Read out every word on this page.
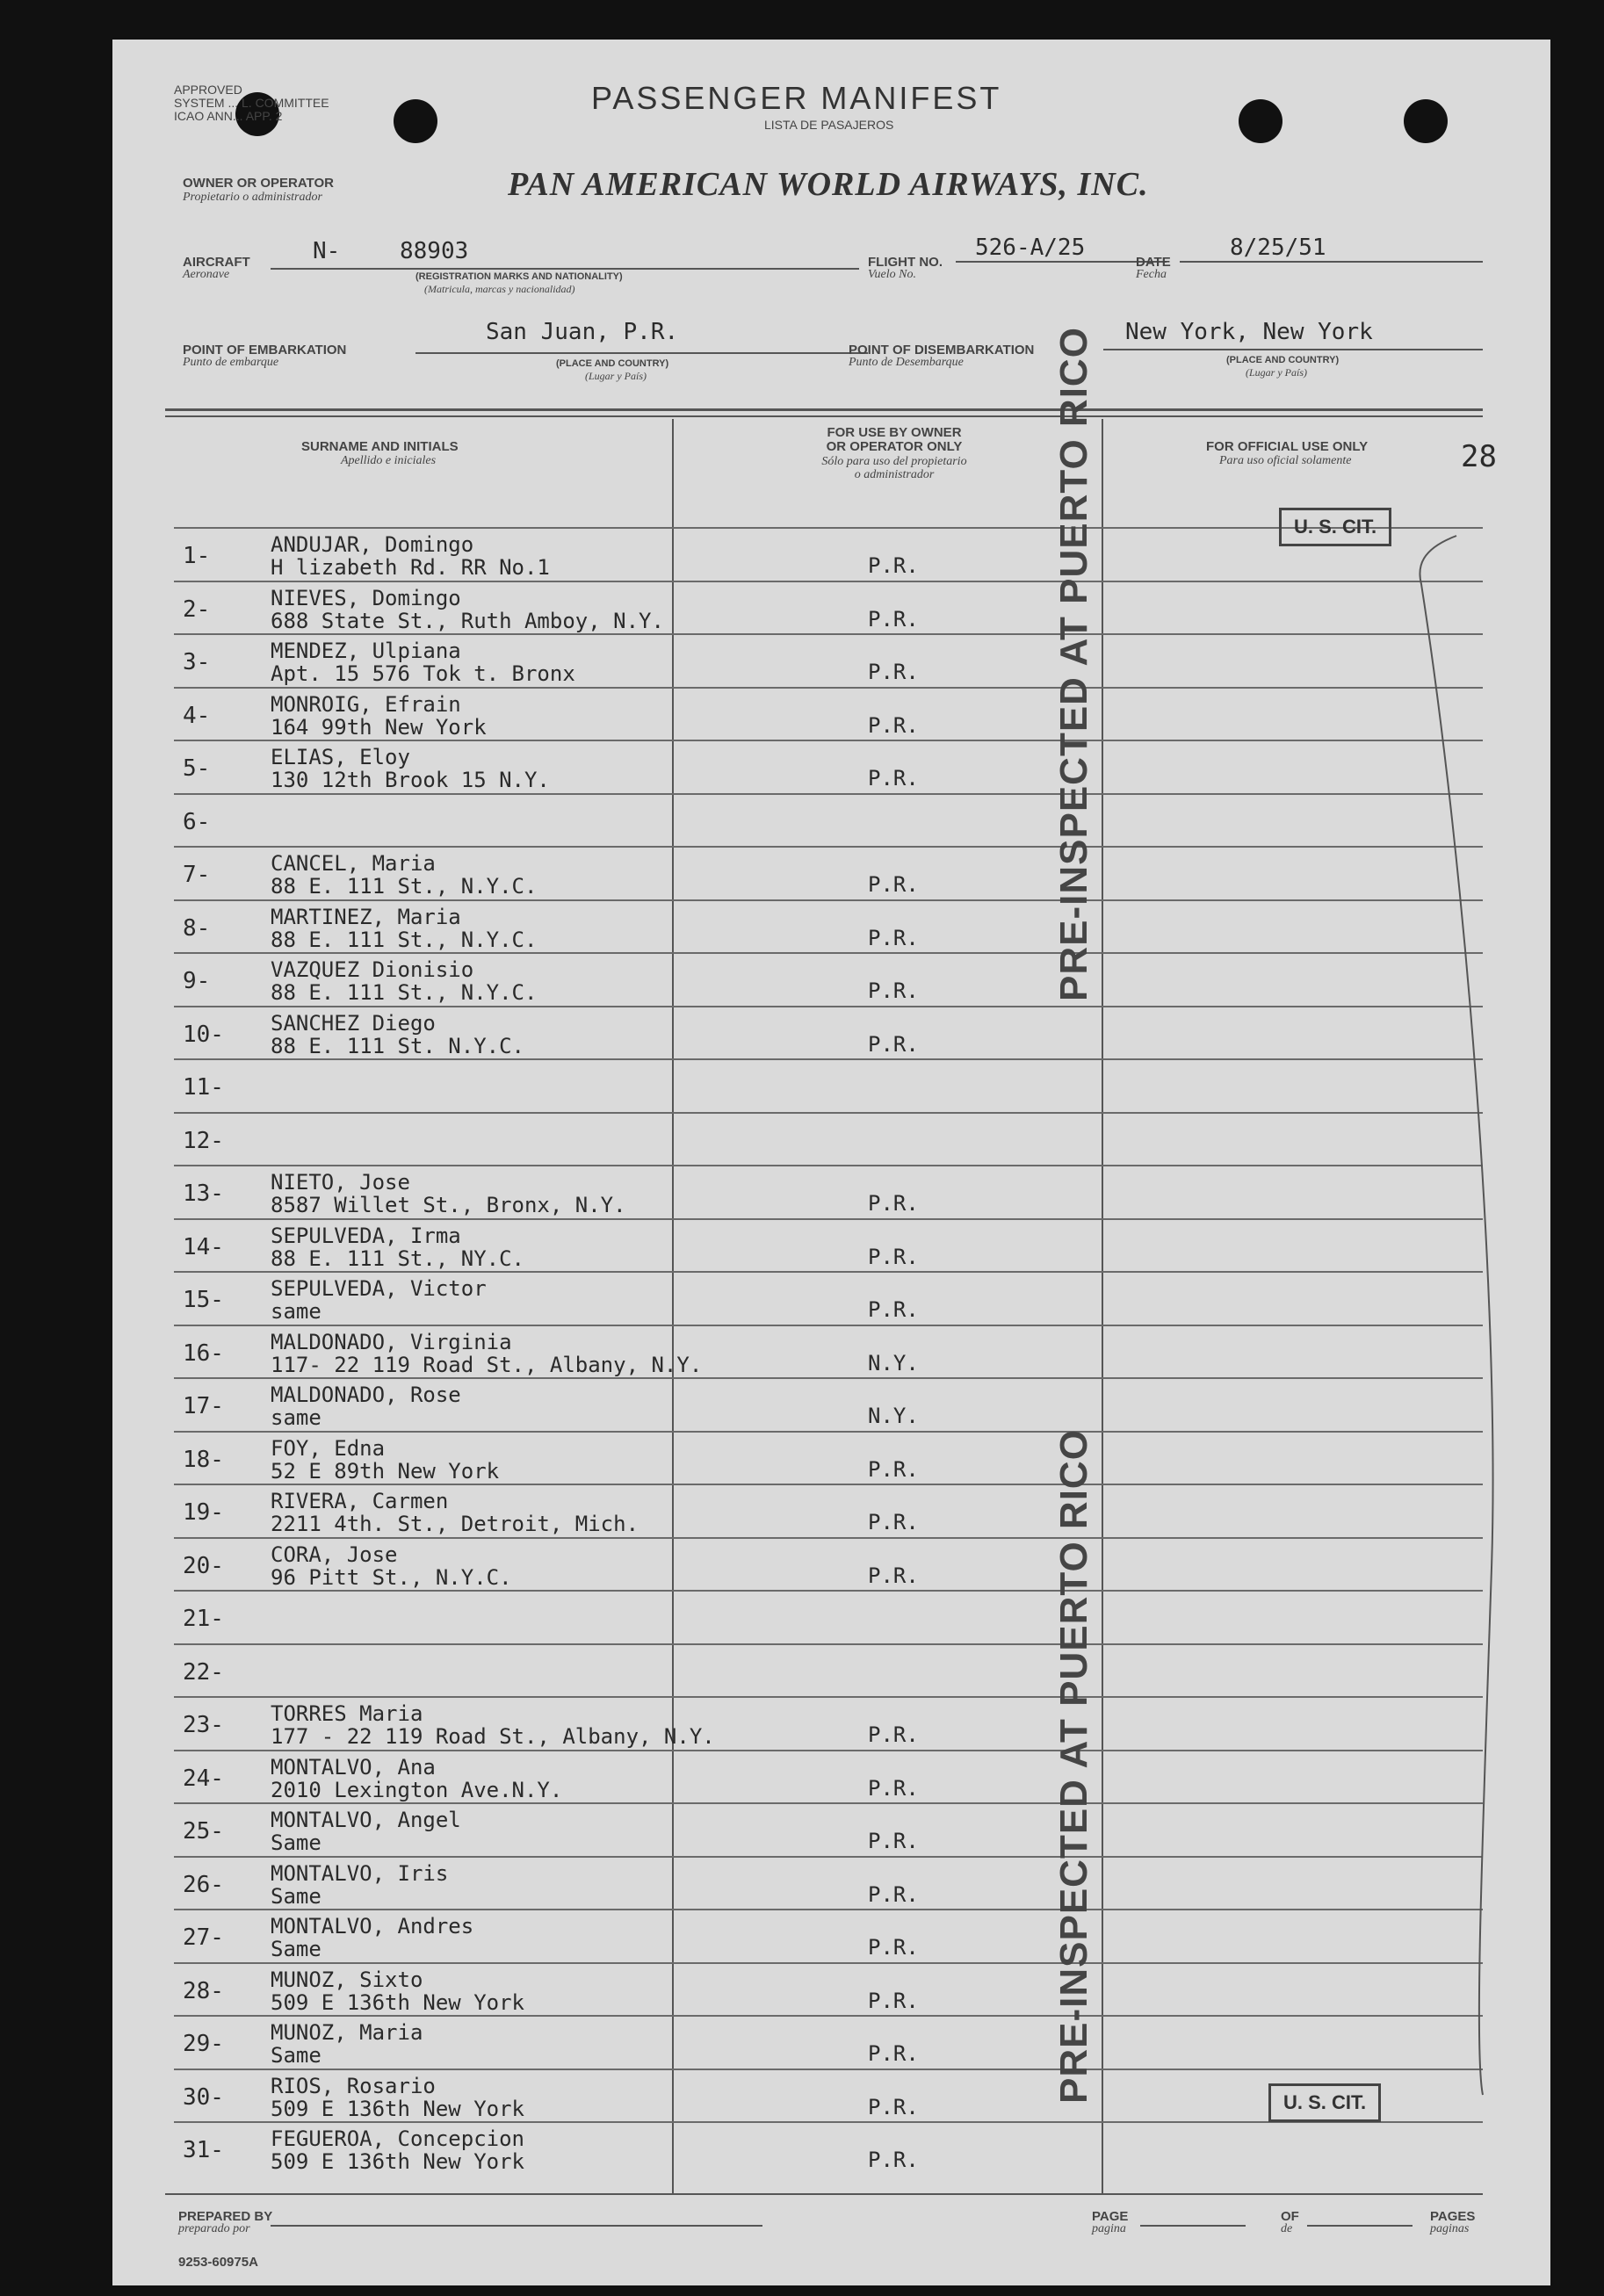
APPROVED
SYSTEM ... L. COMMITTEE
ICAO ANN... APP. 2	PASSENGER MANIFEST
LISTA DE PASAJEROS
OWNER OR OPERATOR
Propietario o administrador	PAN AMERICAN WORLD AIRWAYS, INC.
AIRCRAFT
Aeronave
N-	88903
(REGISTRATION MARKS AND NATIONALITY)
(Matricula, marcas y nacionalidad)
FLIGHT NO.
Vuelo No.
526-A/25
DATE
Fecha
8/25/51
POINT OF EMBARKATION
Punto de embarque
San Juan, P.R.
(PLACE AND COUNTRY)
(Lugar y País)
POINT OF DISEMBARKATION
Punto de Desembarque
New York, New York
(PLACE AND COUNTRY)
(Lugar y País)
SURNAME AND INITIALS
Apellido e iniciales
FOR USE BY OWNER
OR OPERATOR ONLY
Sólo para uso del propietario
o administrador
FOR OFFICIAL USE ONLY
Para uso oficial solamente	28
1-	ANDUJAR, Domingo
H lizabeth Rd. RR No.1	P.R.
2-	NIEVES, Domingo
688 State St., Ruth Amboy, N.Y.	P.R.
3-	MENDEZ, Ulpiana
Apt. 15 576 Tok t. Bronx	P.R.
4-	MONROIG, Efrain
164 99th New York	P.R.
5-	ELIAS, Eloy
130 12th Brook 15 N.Y.	P.R.
6-
7-	CANCEL, Maria
88 E. 111 St., N.Y.C.	P.R.
8-	MARTINEZ, Maria
88 E. 111 St., N.Y.C.	P.R.
9-	VAZQUEZ Dionisio
88 E. 111 St., N.Y.C.	P.R.
10-	SANCHEZ Diego
88 E. 111 St. N.Y.C.	P.R.
11-
12-
13-	NIETO, Jose
8587 Willet St., Bronx, N.Y.	P.R.
14-	SEPULVEDA, Irma
88 E. 111 St., NY.C.	P.R.
15-	SEPULVEDA, Victor
same	P.R.
16-	MALDONADO, Virginia
117- 22 119 Road St., Albany, N.Y.	N.Y.
17-	MALDONADO, Rose
same	N.Y.
18-	FOY, Edna
52 E 89th New York	P.R.
19-	RIVERA, Carmen
2211 4th. St., Detroit, Mich.	P.R.
20-	CORA, Jose
96 Pitt St., N.Y.C.	P.R.
21-
22-
23-	TORRES Maria
177 - 22 119 Road St., Albany, N.Y.	P.R.
24-	MONTALVO, Ana
2010 Lexington Ave.N.Y.	P.R.
25-	MONTALVO, Angel
Same	P.R.
26-	MONTALVO, Iris
Same	P.R.
27-	MONTALVO, Andres
Same	P.R.
28-	MUNOZ, Sixto
509 E 136th New York	P.R.
29-	MUNOZ, Maria
Same	P.R.
30-	RIOS, Rosario
509 E 136th New York	P.R.
31-	FEGUEROA, Concepcion
509 E 136th New York	P.R.
U. S. CIT.
U. S. CIT.
PRE-INSPECTED AT PUERTO RICO
PRE-INSPECTED AT PUERTO RICO
PREPARED BY
preparado por
9253-60975A
PAGE
pagina
OF
de
PAGES
paginas
